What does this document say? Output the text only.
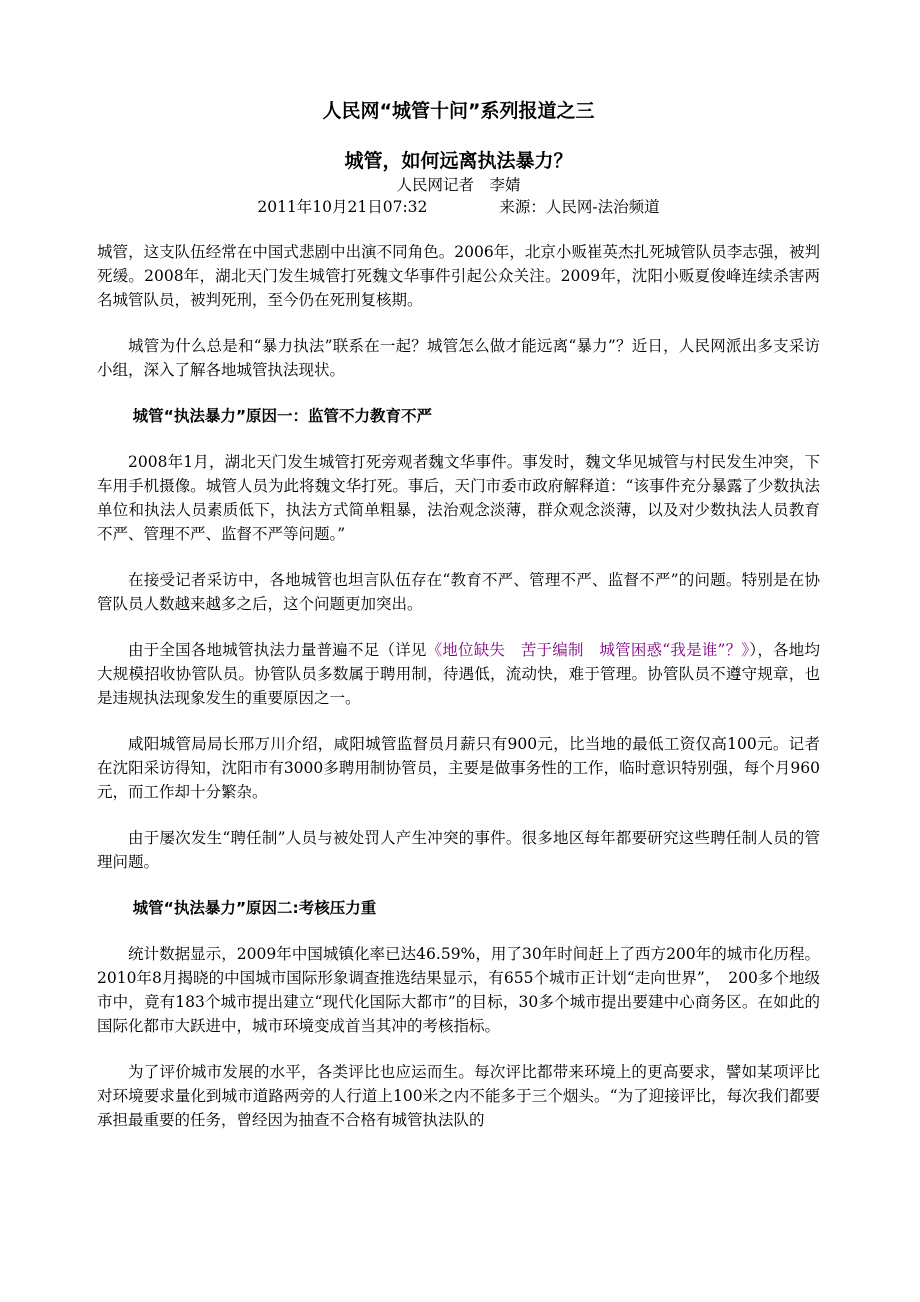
人民网“城管十问”系列报道之三
城管，如何远离执法暴力？
人民网记者　李婧
2011年10月21日07:32	来源：人民网-法治频道

城管，这支队伍经常在中国式悲剧中出演不同角色。2006年，北京小贩崔英杰扎死城管队员李志强，被判死缓。2008年，湖北天门发生城管打死魏文华事件引起公众关注。2009年，沈阳小贩夏俊峰连续杀害两名城管队员，被判死刑，至今仍在死刑复核期。

城管为什么总是和“暴力执法”联系在一起？城管怎么做才能远离“暴力”？近日，人民网派出多支采访小组，深入了解各地城管执法现状。

城管“执法暴力”原因一：监管不力教育不严

2008年1月，湖北天门发生城管打死旁观者魏文华事件。事发时，魏文华见城管与村民发生冲突，下车用手机摄像。城管人员为此将魏文华打死。事后，天门市委市政府解释道：“该事件充分暴露了少数执法单位和执法人员素质低下，执法方式简单粗暴，法治观念淡薄，群众观念淡薄，以及对少数执法人员教育不严、管理不严、监督不严等问题。”

在接受记者采访中，各地城管也坦言队伍存在“教育不严、管理不严、监督不严”的问题。特别是在协管队员人数越来越多之后，这个问题更加突出。

由于全国各地城管执法力量普遍不足（详见《地位缺失　苦于编制　城管困惑“我是谁”？》），各地均大规模招收协管队员。协管队员多数属于聘用制，待遇低，流动快，难于管理。协管队员不遵守规章，也是违规执法现象发生的重要原因之一。

咸阳城管局局长邢万川介绍，咸阳城管监督员月薪只有900元，比当地的最低工资仅高100元。记者在沈阳采访得知，沈阳市有3000多聘用制协管员，主要是做事务性的工作，临时意识特别强，每个月960元，而工作却十分繁杂。

由于屡次发生“聘任制”人员与被处罚人产生冲突的事件。很多地区每年都要研究这些聘任制人员的管理问题。

城管“执法暴力”原因二:考核压力重

统计数据显示，2009年中国城镇化率已达46.59%，用了30年时间赶上了西方200年的城市化历程。2010年8月揭晓的中国城市国际形象调查推选结果显示，有655个城市正计划“走向世界”，　200多个地级市中，竟有183个城市提出建立“现代化国际大都市”的目标，30多个城市提出要建中心商务区。在如此的国际化都市大跃进中，城市环境变成首当其冲的考核指标。

为了评价城市发展的水平，各类评比也应运而生。每次评比都带来环境上的更高要求，譬如某项评比对环境要求量化到城市道路两旁的人行道上100米之内不能多于三个烟头。“为了迎接评比，每次我们都要承担最重要的任务，曾经因为抽查不合格有城管执法队的
